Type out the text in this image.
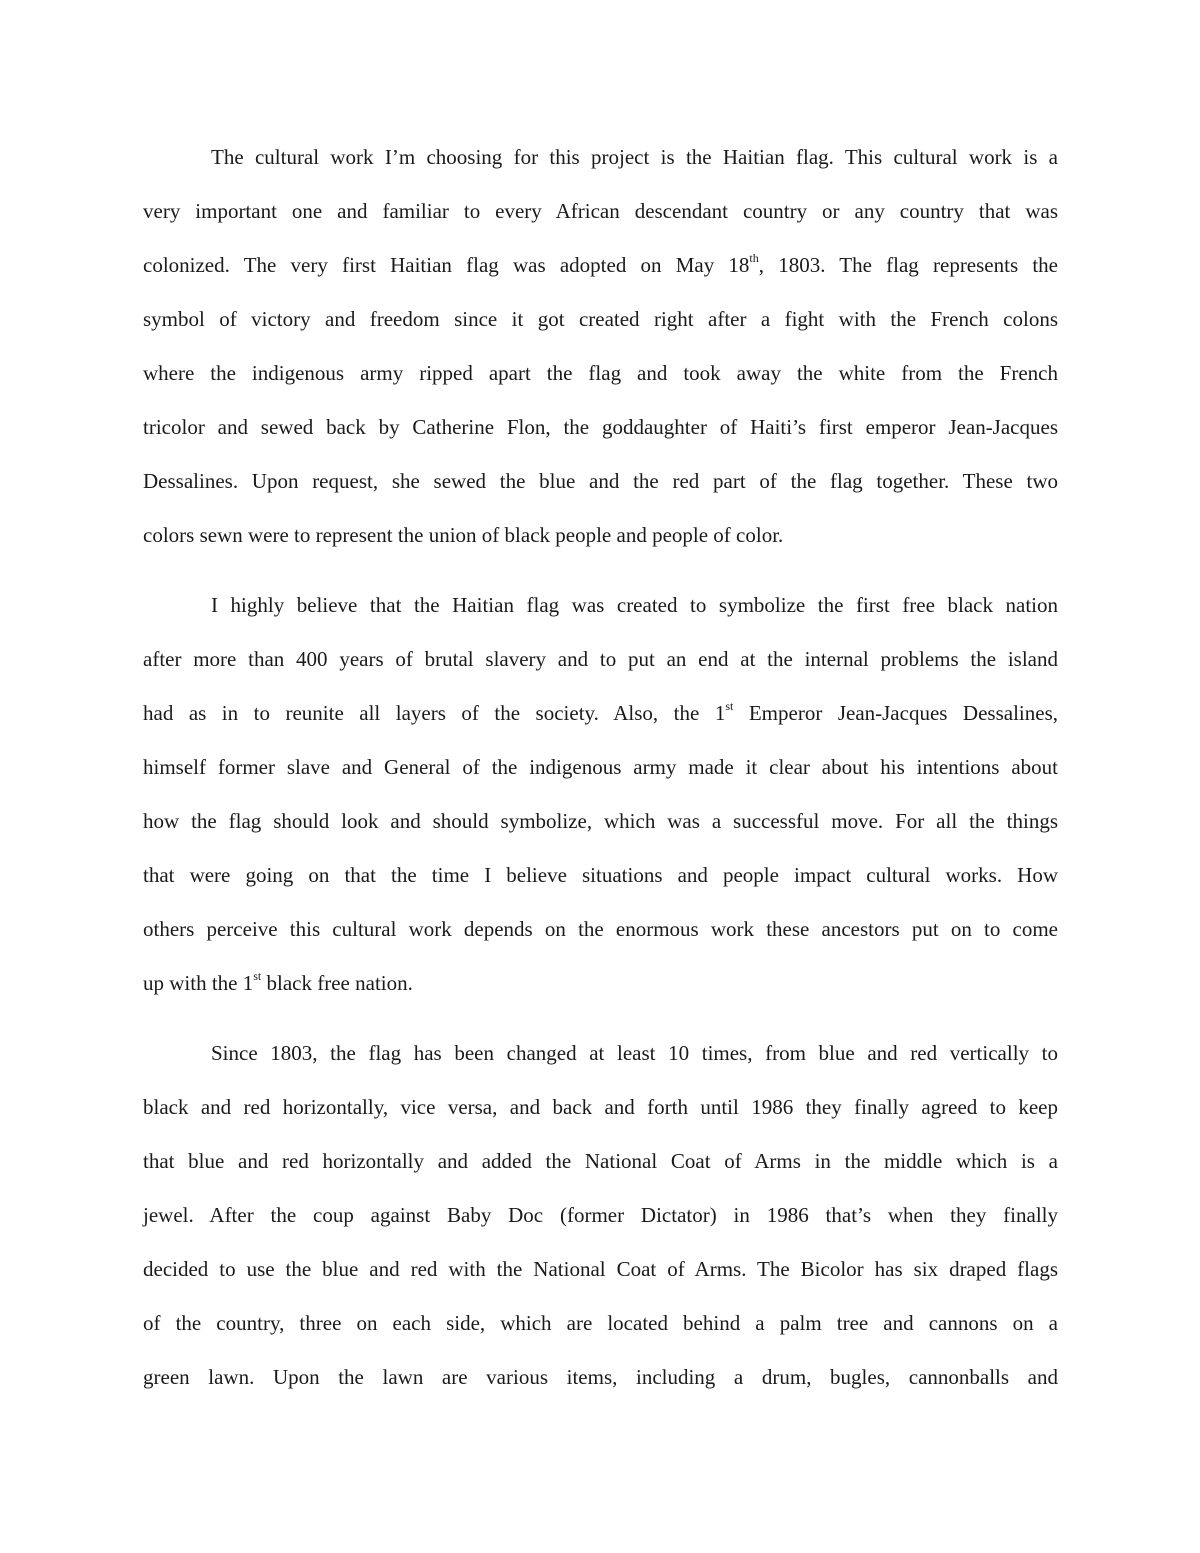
The cultural work I’m choosing for this project is the Haitian flag. This cultural work is a

very important one and familiar to every African descendant country or any country that was

colonized. The very first Haitian flag was adopted on May 18th, 1803. The flag represents the

symbol of victory and freedom since it got created right after a fight with the French colons

where the indigenous army ripped apart the flag and took away the white from the French

tricolor and sewed back by Catherine Flon, the goddaughter of Haiti’s first emperor Jean-Jacques

Dessalines. Upon request, she sewed the blue and the red part of the flag together. These two

colors sewn were to represent the union of black people and people of color.

I highly believe that the Haitian flag was created to symbolize the first free black nation

after more than 400 years of brutal slavery and to put an end at the internal problems the island

had as in to reunite all layers of the society. Also, the 1st Emperor Jean-Jacques Dessalines,

himself former slave and General of the indigenous army made it clear about his intentions about

how the flag should look and should symbolize, which was a successful move. For all the things

that were going on that the time I believe situations and people impact cultural works. How

others perceive this cultural work depends on the enormous work these ancestors put on to come

up with the 1st black free nation.

Since 1803, the flag has been changed at least 10 times, from blue and red vertically to

black and red horizontally, vice versa, and back and forth until 1986 they finally agreed to keep

that blue and red horizontally and added the National Coat of Arms in the middle which is a

jewel. After the coup against Baby Doc (former Dictator) in 1986 that’s when they finally

decided to use the blue and red with the National Coat of Arms. The Bicolor has six draped flags

of the country, three on each side, which are located behind a palm tree and cannons on a

green lawn. Upon the lawn are various items, including a drum, bugles, cannonballs and
